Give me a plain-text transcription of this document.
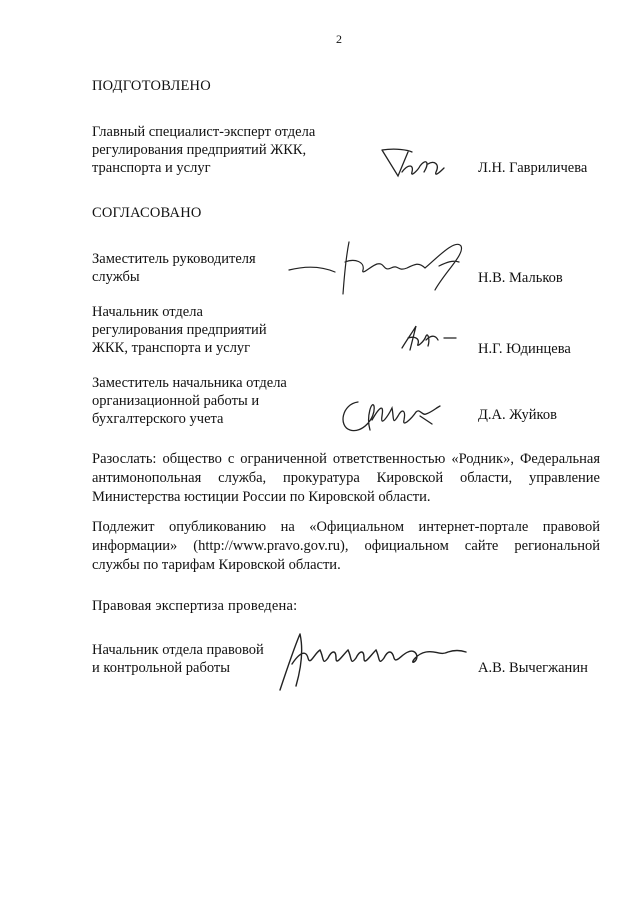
2
ПОДГОТОВЛЕНО
Главный специалист-эксперт отдела
регулирования предприятий ЖКК,
транспорта и услуг	Л.Н. Гавриличева
СОГЛАСОВАНО
Заместитель руководителя
службы	Н.В. Мальков
Начальник отдела
регулирования предприятий
ЖКК, транспорта и услуг	Н.Г. Юдинцева
Заместитель начальника отдела
организационной работы и
бухгалтерского учета	Д.А. Жуйков
Разослать: общество с ограниченной ответственностью «Родник», Федеральная антимонопольная служба, прокуратура Кировской области, управление Министерства юстиции России по Кировской области.
Подлежит опубликованию на «Официальном интернет-портале правовой информации» (http://www.pravo.gov.ru), официальном сайте региональной службы по тарифам Кировской области.
Правовая экспертиза проведена:
Начальник отдела правовой
и контрольной работы	А.В. Вычегжанин
